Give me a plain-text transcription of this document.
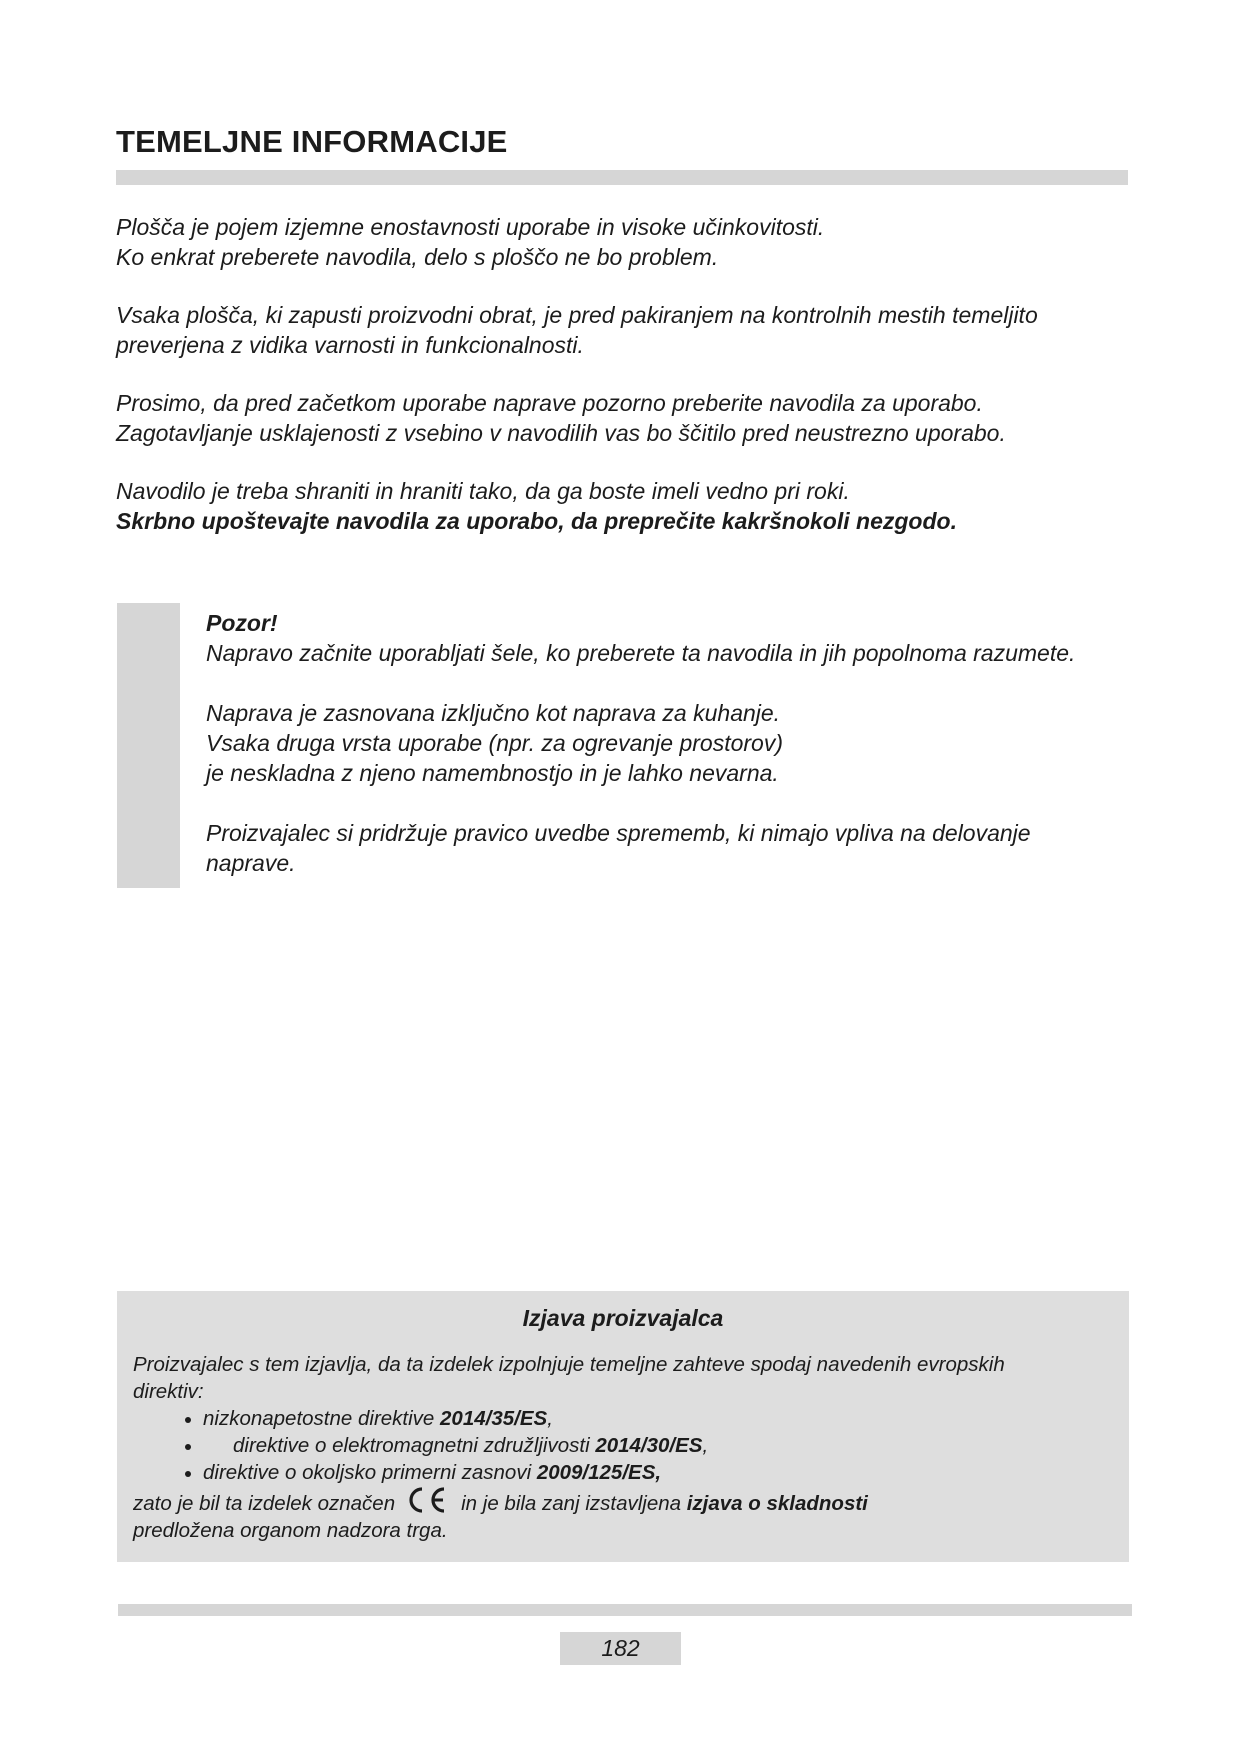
TEMELJNE INFORMACIJE

Plošča je pojem izjemne enostavnosti uporabe in visoke učinkovitosti.
Ko enkrat preberete navodila, delo s ploščo ne bo problem.

Vsaka plošča, ki zapusti proizvodni obrat, je pred pakiranjem na kontrolnih mestih temeljito
preverjena z vidika varnosti in funkcionalnosti.

Prosimo, da pred začetkom uporabe naprave pozorno preberite navodila za uporabo.
Zagotavljanje usklajenosti z vsebino v navodilih vas bo ščitilo pred neustrezno uporabo.

Navodilo je treba shraniti in hraniti tako, da ga boste imeli vedno pri roki.
Skrbno upoštevajte navodila za uporabo, da preprečite kakršnokoli nezgodo.

Pozor!
Napravo začnite uporabljati šele, ko preberete ta navodila in jih popolnoma razumete.

Naprava je zasnovana izključno kot naprava za kuhanje.
Vsaka druga vrsta uporabe (npr. za ogrevanje prostorov)
je neskladna z njeno namembnostjo in je lahko nevarna.

Proizvajalec si pridržuje pravico uvedbe sprememb, ki nimajo vpliva na delovanje
naprave.

Izjava proizvajalca

Proizvajalec s tem izjavlja, da ta izdelek izpolnjuje temeljne zahteve spodaj navedenih evropskih
direktiv:

nizkonapetostne direktive 2014/35/ES,
direktive o elektromagnetni združljivosti 2014/30/ES,
direktive o okoljsko primerni zasnovi 2009/125/ES,
zato je bil ta izdelek označen	in je bila zanj izstavljena izjava o skladnosti
predložena organom nadzora trga.
182
